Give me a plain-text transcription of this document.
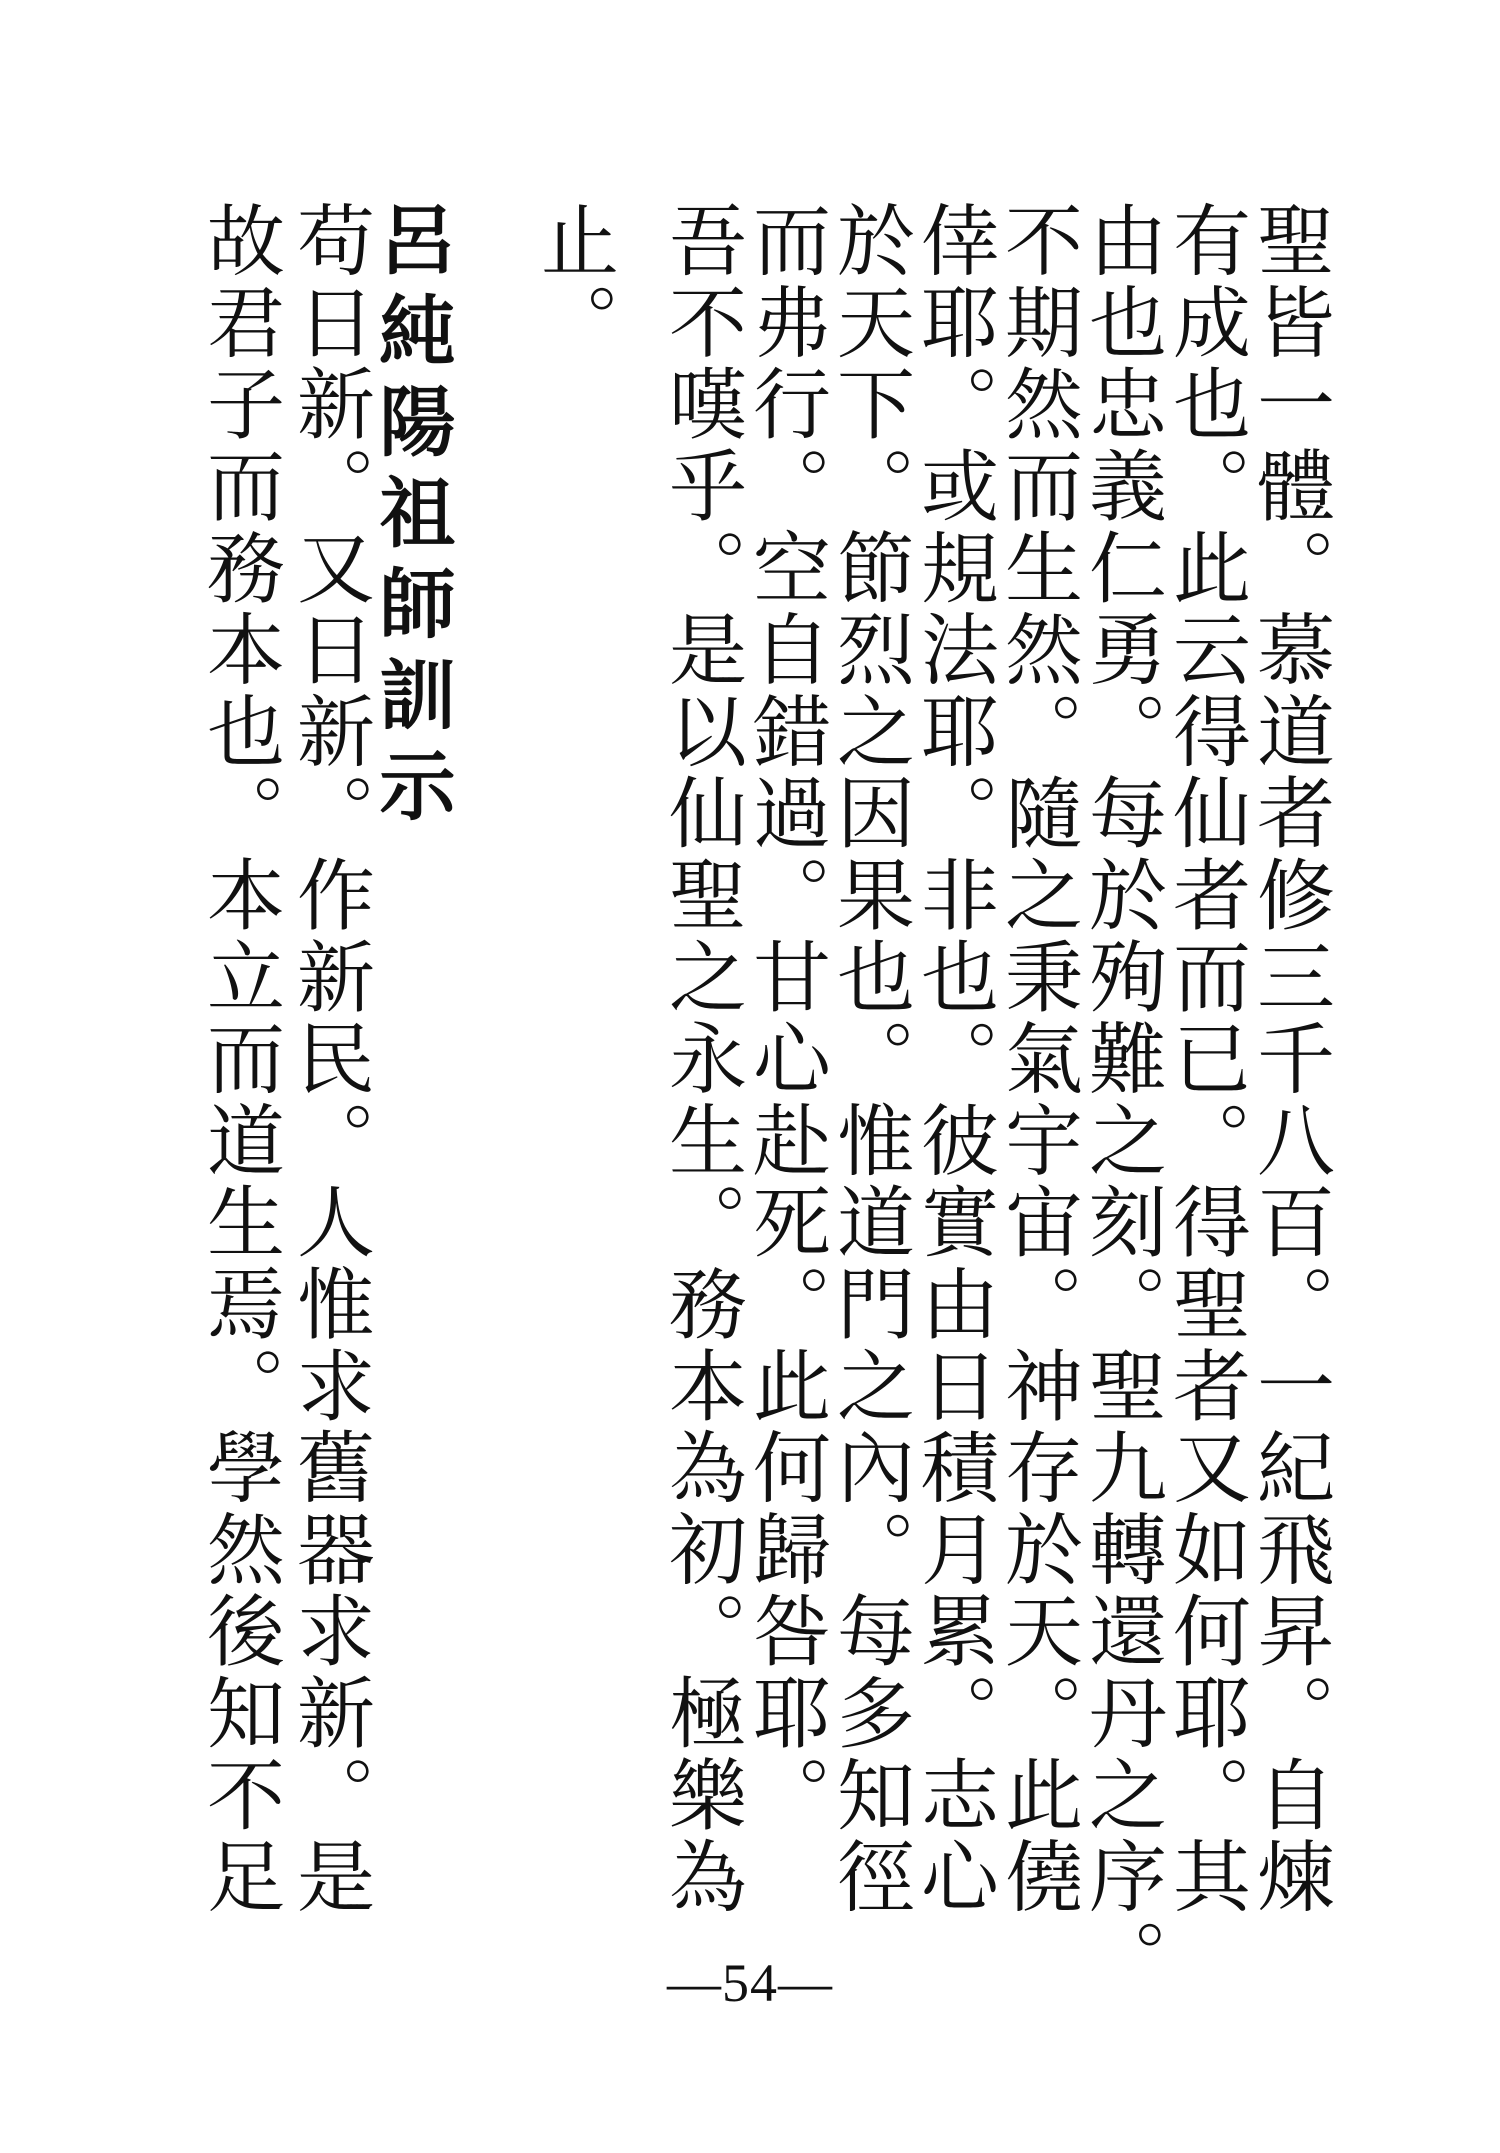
聖皆一體。慕道者修三千八百。一紀飛昇。自煉
有成也。此云得仙者而已。得聖者又如何耶。其
由也忠義仁勇。每於殉難之刻。聖九轉還丹之序。
不期然而生然。隨之秉氣宇宙。神存於天。此僥
倖耶。或規法耶。非也。彼實由日積月累。志心
於天下。節烈之因果也。惟道門之內。每多知徑
而弗行。空自錯過。甘心赴死。此何歸咎耶。
吾不嘆乎。是以仙聖之永生。務本為初。極樂為
止。
呂純陽祖師訓示
苟日新。又日新。作新民。人惟求舊器求新。是
故君子而務本也。本立而道生焉。學然後知不足
—54—
